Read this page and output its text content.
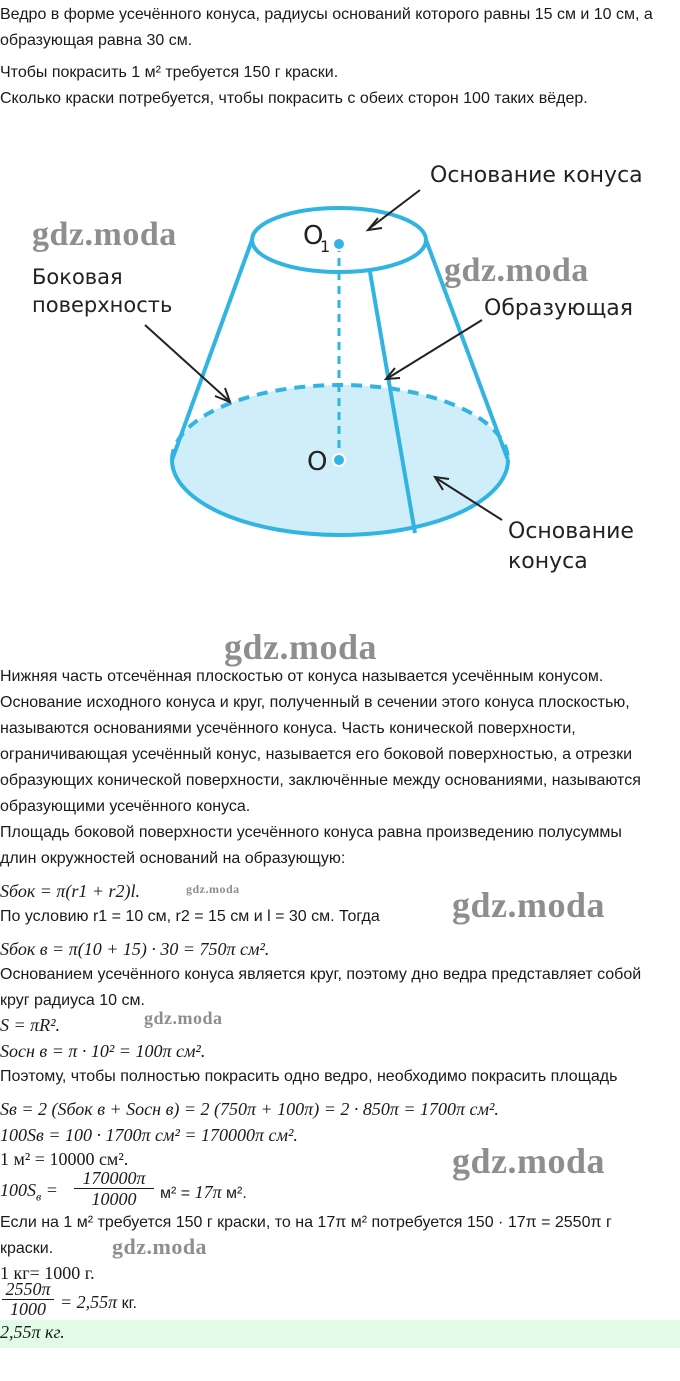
Ведро в форме усечённого конуса, радиусы оснований которого равны 15 см и 10 см, а

образующая равна 30 см.

Чтобы покрасить 1 м² требуется 150 г краски.

Сколько краски потребуется, чтобы покрасить с обеих сторон 100 таких вёдер.

O
1
O
Основание конуса
Боковая
поверхность	Образующая
Основание
конуса
gdz.moda
gdz.moda
gdz.moda
gdz.moda	gdz.moda
gdz.moda
gdz.moda
gdz.moda

Нижняя часть отсечённая плоскостью от конуса называется усечённым конусом.

Основание исходного конуса и круг, полученный в сечении этого конуса плоскостью,

называются основаниями усечённого конуса. Часть конической поверхности,

ограничивающая усечённый конус, называется его боковой поверхностью, а отрезки

образующих конической поверхности, заключённые между основаниями, называются

образующими усечённого конуса.

Площадь боковой поверхности усечённого конуса равна произведению полусуммы

длин окружностей оснований на образующую:

Sбок = π(r1 + r2)l.

По условию r1 = 10 см, r2 = 15 см и l = 30 см. Тогда

Sбок в = π(10 + 15) · 30 = 750π см².

Основанием усечённого конуса является круг, поэтому дно ведра представляет собой

круг радиуса 10 см.

S = πR².

Sосн в = π · 10² = 100π см².

Поэтому, чтобы полностью покрасить одно ведро, необходимо покрасить площадь

Sв = 2 (Sбок в + Sосн в) = 2 (750π + 100π) = 2 · 850π = 1700π см².

100Sв = 100 · 1700π см² = 170000π см².

1 м² = 10000 см².

$100S_в = \frac{170000\pi}{10000} м^2 = 17\pi$ м².

Если на 1 м² требуется 150 г краски, то на 17π м² потребуется 150 · 17π = 2550π г

краски.

1 кг= 1000 г.

$\frac{2550\pi}{1000} = 2,55\pi$ кг.
2,55π кг.
